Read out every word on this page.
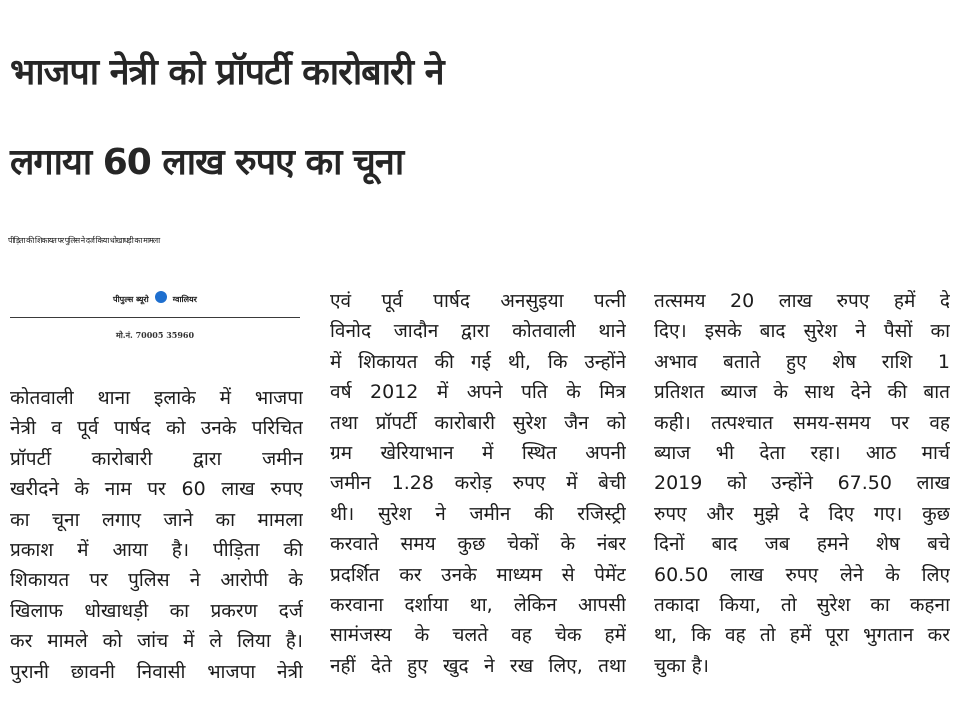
भाजपा नेत्री को प्रॉपर्टी कारोबारी ने
लगाया 60 लाख रुपए का चूना
पीड़िता की शिकायत पर पुलिस ने दर्ज किया धोखाधड़ी का मामला
पीपुल्स ब्यूरो	ग्वालियर
मो.नं. 70005 35960
कोतवाली थाना इलाके में भाजपा
नेत्री व पूर्व पार्षद को उनके परिचित
प्रॉपर्टी कारोबारी द्वारा जमीन
खरीदने के नाम पर 60 लाख रुपए
का चूना लगाए जाने का मामला
प्रकाश में आया है। पीड़िता की
शिकायत पर पुलिस ने आरोपी के
खिलाफ धोखाधड़ी का प्रकरण दर्ज
कर मामले को जांच में ले लिया है।
पुरानी छावनी निवासी भाजपा नेत्री
एवं पूर्व पार्षद अनसुइया पत्नी
विनोद जादौन द्वारा कोतवाली थाने
में शिकायत की गई थी, कि उन्होंने
वर्ष 2012 में अपने पति के मित्र
तथा प्रॉपर्टी कारोबारी सुरेश जैन को
ग्रम खेरियाभान में स्थित अपनी
जमीन 1.28 करोड़ रुपए में बेची
थी। सुरेश ने जमीन की रजिस्ट्री
करवाते समय कुछ चेकों के नंबर
प्रदर्शित कर उनके माध्यम से पेमेंट
करवाना दर्शाया था, लेकिन आपसी
सामंजस्य के चलते वह चेक हमें
नहीं देते हुए खुद ने रख लिए, तथा
तत्समय 20 लाख रुपए हमें दे
दिए। इसके बाद सुरेश ने पैसों का
अभाव बताते हुए शेष राशि 1
प्रतिशत ब्याज के साथ देने की बात
कही। तत्पश्चात समय-समय पर वह
ब्याज भी देता रहा। आठ मार्च
2019 को उन्होंने 67.50 लाख
रुपए और मुझे दे दिए गए। कुछ
दिनों बाद जब हमने शेष बचे
60.50 लाख रुपए लेने के लिए
तकादा किया, तो सुरेश का कहना
था, कि वह तो हमें पूरा भुगतान कर
चुका है।
